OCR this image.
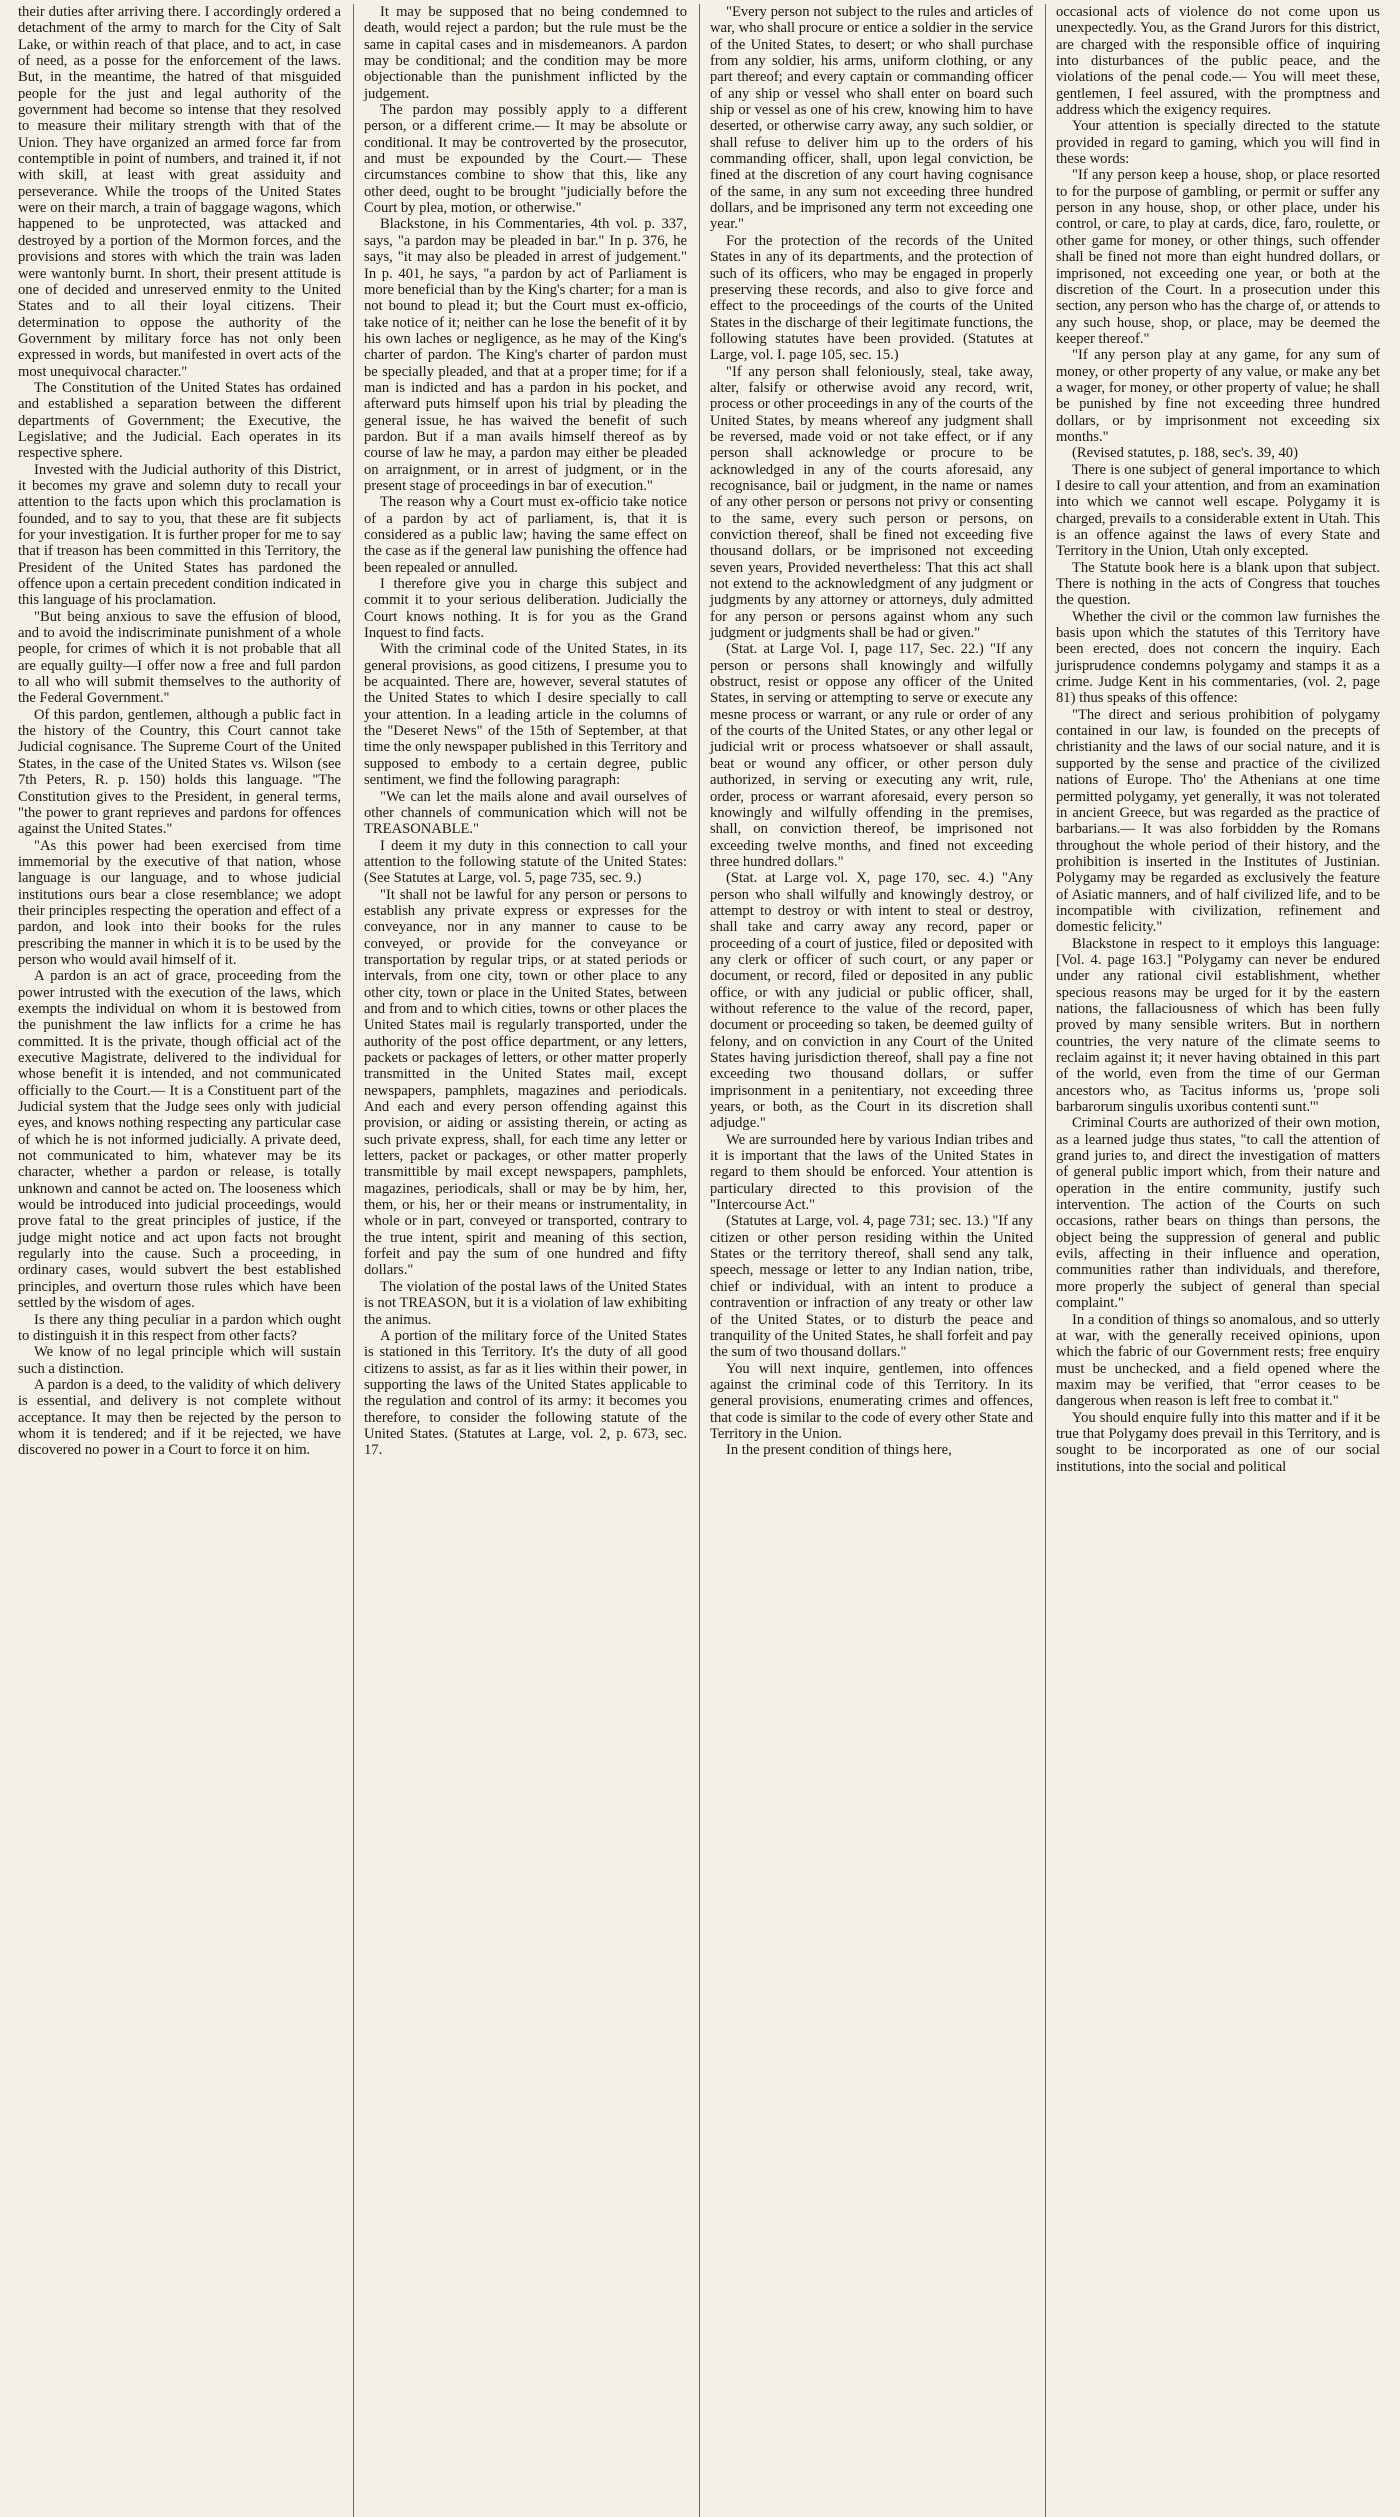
their duties after arriving there. I accordingly ordered a detachment of the army to march for the City of Salt Lake, or within reach of that place, and to act, in case of need, as a posse for the enforcement of the laws. But, in the meantime, the hatred of that misguided people for the just and legal authority of the government had become so intense that they resolved to measure their military strength with that of the Union. They have organized an armed force far from contemptible in point of numbers, and trained it, if not with skill, at least with great assiduity and perseverance. While the troops of the United States were on their march, a train of baggage wagons, which happened to be unprotected, was attacked and destroyed by a portion of the Mormon forces, and the provisions and stores with which the train was laden were wantonly burnt. In short, their present attitude is one of decided and unreserved enmity to the United States and to all their loyal citizens. Their determination to oppose the authority of the Government by military force has not only been expressed in words, but manifested in overt acts of the most unequivocal character."

The Constitution of the United States has ordained and established a separation between the different departments of Government; the Executive, the Legislative; and the Judicial. Each operates in its respective sphere.

Invested with the Judicial authority of this District, it becomes my grave and solemn duty to recall your attention to the facts upon which this proclamation is founded, and to say to you, that these are fit subjects for your investigation. It is further proper for me to say that if treason has been committed in this Territory, the President of the United States has pardoned the offence upon a certain precedent condition indicated in this language of his proclamation.

"But being anxious to save the effusion of blood, and to avoid the indiscriminate punishment of a whole people, for crimes of which it is not probable that all are equally guilty—I offer now a free and full pardon to all who will submit themselves to the authority of the Federal Government."

Of this pardon, gentlemen, although a public fact in the history of the Country, this Court cannot take Judicial cognisance. The Supreme Court of the United States, in the case of the United States vs. Wilson (see 7th Peters, R. p. 150) holds this language. "The Constitution gives to the President, in general terms, "the power to grant reprieves and pardons for offences against the United States."

"As this power had been exercised from time immemorial by the executive of that nation, whose language is our language, and to whose judicial institutions ours bear a close resemblance; we adopt their principles respecting the operation and effect of a pardon, and look into their books for the rules prescribing the manner in which it is to be used by the person who would avail himself of it.

A pardon is an act of grace, proceeding from the power intrusted with the execution of the laws, which exempts the individual on whom it is bestowed from the punishment the law inflicts for a crime he has committed. It is the private, though official act of the executive Magistrate, delivered to the individual for whose benefit it is intended, and not communicated officially to the Court.— It is a Constituent part of the Judicial system that the Judge sees only with judicial eyes, and knows nothing respecting any particular case of which he is not informed judicially. A private deed, not communicated to him, whatever may be its character, whether a pardon or release, is totally unknown and cannot be acted on. The looseness which would be introduced into judicial proceedings, would prove fatal to the great principles of justice, if the judge might notice and act upon facts not brought regularly into the cause. Such a proceeding, in ordinary cases, would subvert the best established principles, and overturn those rules which have been settled by the wisdom of ages.

Is there any thing peculiar in a pardon which ought to distinguish it in this respect from other facts?

We know of no legal principle which will sustain such a distinction.

A pardon is a deed, to the validity of which delivery is essential, and delivery is not complete without acceptance. It may then be rejected by the person to whom it is tendered; and if it be rejected, we have discovered no power in a Court to force it on him.

It may be supposed that no being condemned to death, would reject a pardon; but the rule must be the same in capital cases and in misdemeanors. A pardon may be conditional; and the condition may be more objectionable than the punishment inflicted by the judgement.

The pardon may possibly apply to a different person, or a different crime.— It may be absolute or conditional. It may be controverted by the prosecutor, and must be expounded by the Court.— These circumstances combine to show that this, like any other deed, ought to be brought "judicially before the Court by plea, motion, or otherwise."

Blackstone, in his Commentaries, 4th vol. p. 337, says, "a pardon may be pleaded in bar." In p. 376, he says, "it may also be pleaded in arrest of judgement." In p. 401, he says, "a pardon by act of Parliament is more beneficial than by the King's charter; for a man is not bound to plead it; but the Court must ex-officio, take notice of it; neither can he lose the benefit of it by his own laches or negligence, as he may of the King's charter of pardon. The King's charter of pardon must be specially pleaded, and that at a proper time; for if a man is indicted and has a pardon in his pocket, and afterward puts himself upon his trial by pleading the general issue, he has waived the benefit of such pardon. But if a man avails himself thereof as by course of law he may, a pardon may either be pleaded on arraignment, or in arrest of judgment, or in the present stage of proceedings in bar of execution."

The reason why a Court must ex-officio take notice of a pardon by act of parliament, is, that it is considered as a public law; having the same effect on the case as if the general law punishing the offence had been repealed or annulled.

I therefore give you in charge this subject and commit it to your serious deliberation. Judicially the Court knows nothing. It is for you as the Grand Inquest to find facts.

With the criminal code of the United States, in its general provisions, as good citizens, I presume you to be acquainted. There are, however, several statutes of the United States to which I desire specially to call your attention. In a leading article in the columns of the "Deseret News" of the 15th of September, at that time the only newspaper published in this Territory and supposed to embody to a certain degree, public sentiment, we find the following paragraph:

"We can let the mails alone and avail ourselves of other channels of communication which will not be TREASONABLE."

I deem it my duty in this connection to call your attention to the following statute of the United States: (See Statutes at Large, vol. 5, page 735, sec. 9.)

"It shall not be lawful for any person or persons to establish any private express or expresses for the conveyance, nor in any manner to cause to be conveyed, or provide for the conveyance or transportation by regular trips, or at stated periods or intervals, from one city, town or other place to any other city, town or place in the United States, between and from and to which cities, towns or other places the United States mail is regularly transported, under the authority of the post office department, or any letters, packets or packages of letters, or other matter properly transmitted in the United States mail, except newspapers, pamphlets, magazines and periodicals. And each and every person offending against this provision, or aiding or assisting therein, or acting as such private express, shall, for each time any letter or letters, packet or packages, or other matter properly transmittible by mail except newspapers, pamphlets, magazines, periodicals, shall or may be by him, her, them, or his, her or their means or instrumentality, in whole or in part, conveyed or transported, contrary to the true intent, spirit and meaning of this section, forfeit and pay the sum of one hundred and fifty dollars."

The violation of the postal laws of the United States is not TREASON, but it is a violation of law exhibiting the animus.

A portion of the military force of the United States is stationed in this Territory. It's the duty of all good citizens to assist, as far as it lies within their power, in supporting the laws of the United States applicable to the regulation and control of its army: it becomes you therefore, to consider the following statute of the United States. (Statutes at Large, vol. 2, p. 673, sec. 17.

"Every person not subject to the rules and articles of war, who shall procure or entice a soldier in the service of the United States, to desert; or who shall purchase from any soldier, his arms, uniform clothing, or any part thereof; and every captain or commanding officer of any ship or vessel who shall enter on board such ship or vessel as one of his crew, knowing him to have deserted, or otherwise carry away, any such soldier, or shall refuse to deliver him up to the orders of his commanding officer, shall, upon legal conviction, be fined at the discretion of any court having cognisance of the same, in any sum not exceeding three hundred dollars, and be imprisoned any term not exceeding one year."

For the protection of the records of the United States in any of its departments, and the protection of such of its officers, who may be engaged in properly preserving these records, and also to give force and effect to the proceedings of the courts of the United States in the discharge of their legitimate functions, the following statutes have been provided. (Statutes at Large, vol. I. page 105, sec. 15.)

"If any person shall feloniously, steal, take away, alter, falsify or otherwise avoid any record, writ, process or other proceedings in any of the courts of the United States, by means whereof any judgment shall be reversed, made void or not take effect, or if any person shall acknowledge or procure to be acknowledged in any of the courts aforesaid, any recognisance, bail or judgment, in the name or names of any other person or persons not privy or consenting to the same, every such person or persons, on conviction thereof, shall be fined not exceeding five thousand dollars, or be imprisoned not exceeding seven years, Provided nevertheless: That this act shall not extend to the acknowledgment of any judgment or judgments by any attorney or attorneys, duly admitted for any person or persons against whom any such judgment or judgments shall be had or given."

(Stat. at Large Vol. I, page 117, Sec. 22.) "If any person or persons shall knowingly and wilfully obstruct, resist or oppose any officer of the United States, in serving or attempting to serve or execute any mesne process or warrant, or any rule or order of any of the courts of the United States, or any other legal or judicial writ or process whatsoever or shall assault, beat or wound any officer, or other person duly authorized, in serving or executing any writ, rule, order, process or warrant aforesaid, every person so knowingly and wilfully offending in the premises, shall, on conviction thereof, be imprisoned not exceeding twelve months, and fined not exceeding three hundred dollars."

(Stat. at Large vol. X, page 170, sec. 4.) "Any person who shall wilfully and knowingly destroy, or attempt to destroy or with intent to steal or destroy, shall take and carry away any record, paper or proceeding of a court of justice, filed or deposited with any clerk or officer of such court, or any paper or document, or record, filed or deposited in any public office, or with any judicial or public officer, shall, without reference to the value of the record, paper, document or proceeding so taken, be deemed guilty of felony, and on conviction in any Court of the United States having jurisdiction thereof, shall pay a fine not exceeding two thousand dollars, or suffer imprisonment in a penitentiary, not exceeding three years, or both, as the Court in its discretion shall adjudge."

We are surrounded here by various Indian tribes and it is important that the laws of the United States in regard to them should be enforced. Your attention is particulary directed to this provision of the "Intercourse Act."

(Statutes at Large, vol. 4, page 731; sec. 13.) "If any citizen or other person residing within the United States or the territory thereof, shall send any talk, speech, message or letter to any Indian nation, tribe, chief or individual, with an intent to produce a contravention or infraction of any treaty or other law of the United States, or to disturb the peace and tranquility of the United States, he shall forfeit and pay the sum of two thousand dollars."

You will next inquire, gentlemen, into offences against the criminal code of this Territory. In its general provisions, enumerating crimes and offences, that code is similar to the code of every other State and Territory in the Union.

In the present condition of things here,

occasional acts of violence do not come upon us unexpectedly. You, as the Grand Jurors for this district, are charged with the responsible office of inquiring into disturbances of the public peace, and the violations of the penal code.— You will meet these, gentlemen, I feel assured, with the promptness and address which the exigency requires.

Your attention is specially directed to the statute provided in regard to gaming, which you will find in these words:

"If any person keep a house, shop, or place resorted to for the purpose of gambling, or permit or suffer any person in any house, shop, or other place, under his control, or care, to play at cards, dice, faro, roulette, or other game for money, or other things, such offender shall be fined not more than eight hundred dollars, or imprisoned, not exceeding one year, or both at the discretion of the Court. In a prosecution under this section, any person who has the charge of, or attends to any such house, shop, or place, may be deemed the keeper thereof."

"If any person play at any game, for any sum of money, or other property of any value, or make any bet a wager, for money, or other property of value; he shall be punished by fine not exceeding three hundred dollars, or by imprisonment not exceeding six months."

(Revised statutes, p. 188, sec's. 39, 40)

There is one subject of general importance to which I desire to call your attention, and from an examination into which we cannot well escape. Polygamy it is charged, prevails to a considerable extent in Utah. This is an offence against the laws of every State and Territory in the Union, Utah only excepted.

The Statute book here is a blank upon that subject. There is nothing in the acts of Congress that touches the question.

Whether the civil or the common law furnishes the basis upon which the statutes of this Territory have been erected, does not concern the inquiry. Each jurisprudence condemns polygamy and stamps it as a crime. Judge Kent in his commentaries, (vol. 2, page 81) thus speaks of this offence:

"The direct and serious prohibition of polygamy contained in our law, is founded on the precepts of christianity and the laws of our social nature, and it is supported by the sense and practice of the civilized nations of Europe. Tho' the Athenians at one time permitted polygamy, yet generally, it was not tolerated in ancient Greece, but was regarded as the practice of barbarians.— It was also forbidden by the Romans throughout the whole period of their history, and the prohibition is inserted in the Institutes of Justinian. Polygamy may be regarded as exclusively the feature of Asiatic manners, and of half civilized life, and to be incompatible with civilization, refinement and domestic felicity."

Blackstone in respect to it employs this language: [Vol. 4. page 163.] "Polygamy can never be endured under any rational civil establishment, whether specious reasons may be urged for it by the eastern nations, the fallaciousness of which has been fully proved by many sensible writers. But in northern countries, the very nature of the climate seems to reclaim against it; it never having obtained in this part of the world, even from the time of our German ancestors who, as Tacitus informs us, 'prope soli barbarorum singulis uxoribus contenti sunt.'"

Criminal Courts are authorized of their own motion, as a learned judge thus states, "to call the attention of grand juries to, and direct the investigation of matters of general public import which, from their nature and operation in the entire community, justify such intervention. The action of the Courts on such occasions, rather bears on things than persons, the object being the suppression of general and public evils, affecting in their influence and operation, communities rather than individuals, and therefore, more properly the subject of general than special complaint."

In a condition of things so anomalous, and so utterly at war, with the generally received opinions, upon which the fabric of our Government rests; free enquiry must be unchecked, and a field opened where the maxim may be verified, that "error ceases to be dangerous when reason is left free to combat it."

You should enquire fully into this matter and if it be true that Polygamy does prevail in this Territory, and is sought to be incorporated as one of our social institutions, into the social and political
